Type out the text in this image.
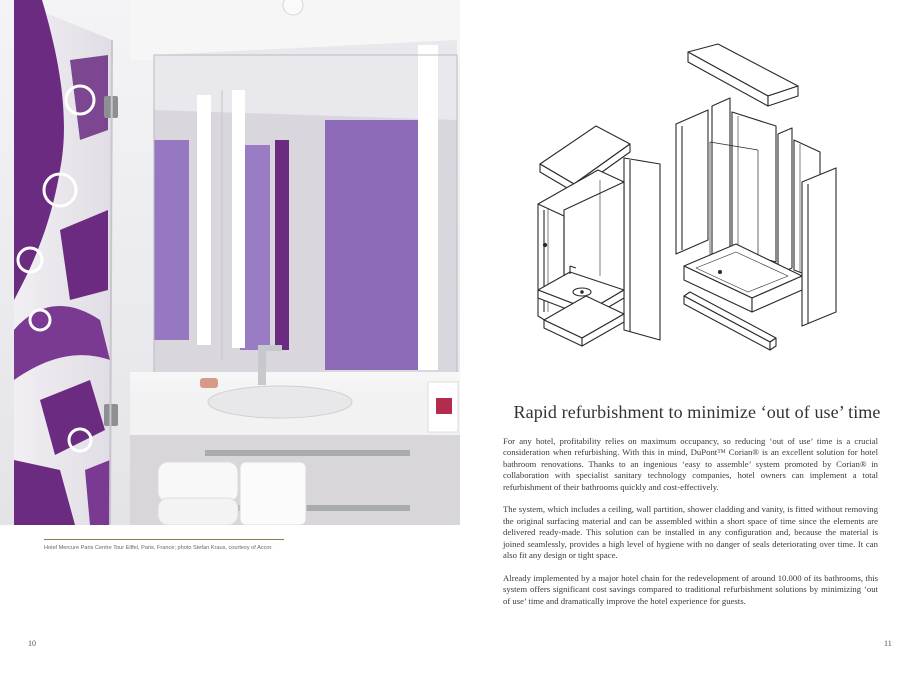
Hotel Mercure Paris Centre Tour Eiffel, Paris, France; photo Stefan Kraus, courtesy of Accor.
10
Rapid refurbishment to minimize ‘out of use’ time

For any hotel, profitability relies on maximum occupancy, so reducing ‘out of use’ time is a crucial consideration when refurbishing. With this in mind, DuPont™ Corian® is an excellent solution for hotel bathroom renovations. Thanks to an ingenious ‘easy to assemble’ system promoted by Corian® in collaboration with specialist sanitary technology companies, hotel owners can implement a total refurbishment of their bathrooms quickly and cost-effectively.

The system, which includes a ceiling, wall partition, shower cladding and vanity, is fitted without removing the original surfacing material and can be assembled within a short space of time since the elements are delivered ready-made. This solution can be installed in any configuration and, because the material is joined seamlessly, provides a high level of hygiene with no danger of seals deteriorating over time. It can also fit any design or tight space.

Already implemented by a major hotel chain for the redevelopment of around 10.000 of its bathrooms, this system offers significant cost savings compared to traditional refurbishment solutions by minimizing ‘out of use’ time and dramatically improve the hotel experience for guests.

11
